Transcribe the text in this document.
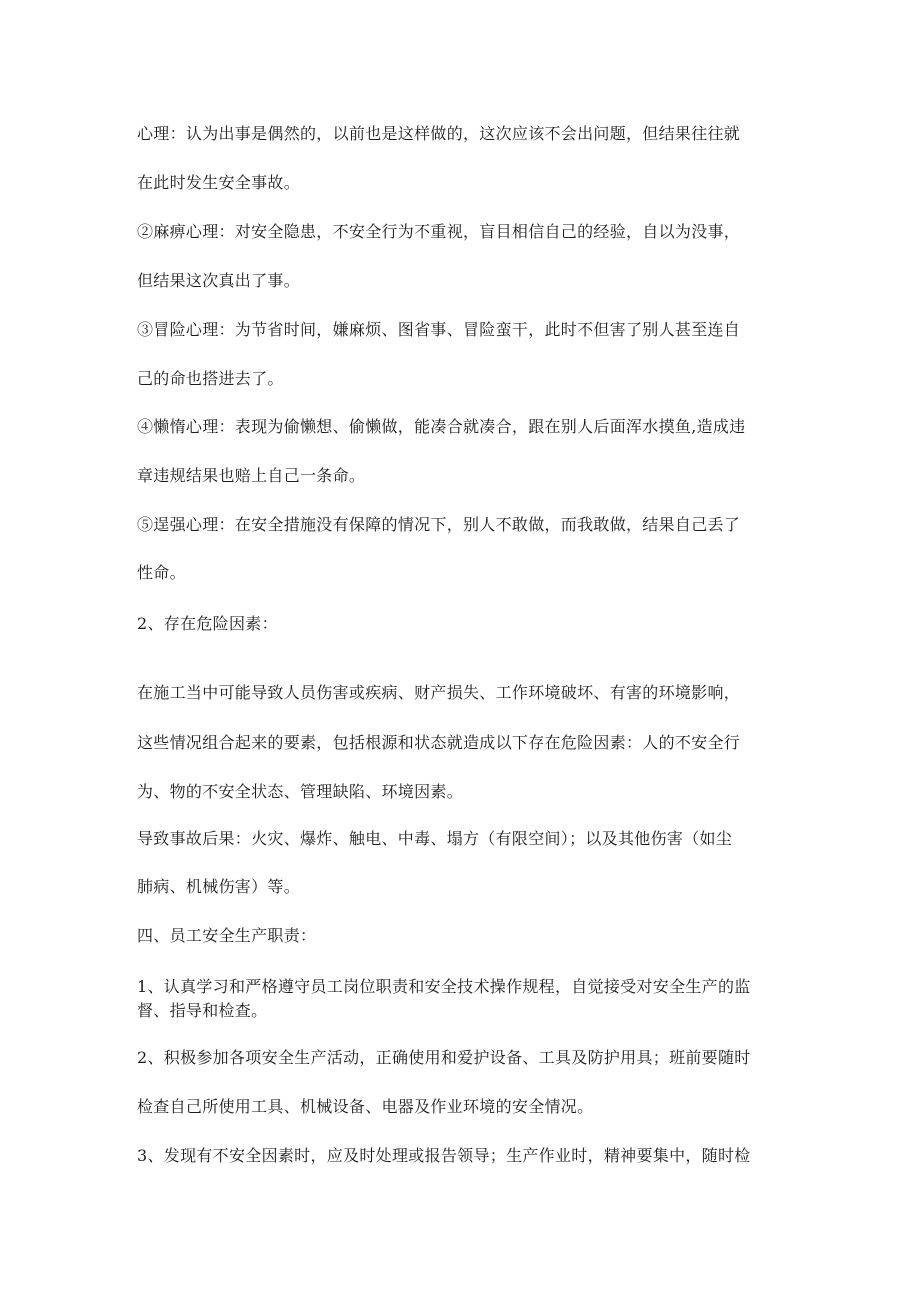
心理：认为出事是偶然的，以前也是这样做的，这次应该不会出问题，但结果往往就
在此时发生安全事故。
②麻痹心理：对安全隐患，不安全行为不重视，盲目相信自己的经验，自以为没事，
但结果这次真出了事。
③冒险心理：为节省时间，嫌麻烦、图省事、冒险蛮干，此时不但害了别人甚至连自
己的命也搭进去了。
④懒惰心理：表现为偷懒想、偷懒做，能凑合就凑合，跟在别人后面浑水摸鱼,造成违
章违规结果也赔上自己一条命。
⑤逞强心理：在安全措施没有保障的情况下，别人不敢做，而我敢做，结果自己丢了
性命。
2、存在危险因素：
在施工当中可能导致人员伤害或疾病、财产损失、工作环境破坏、有害的环境影响，
这些情况组合起来的要素，包括根源和状态就造成以下存在危险因素：人的不安全行
为、物的不安全状态、管理缺陷、环境因素。
导致事故后果：火灾、爆炸、触电、中毒、塌方（有限空间）；以及其他伤害（如尘
肺病、机械伤害）等。
四、员工安全生产职责：
1、认真学习和严格遵守员工岗位职责和安全技术操作规程，自觉接受对安全生产的监
督、指导和检查。
2、积极参加各项安全生产活动，正确使用和爱护设备、工具及防护用具；班前要随时
检查自己所使用工具、机械设备、电器及作业环境的安全情况。
3、发现有不安全因素时，应及时处理或报告领导；生产作业时，精神要集中，随时检
